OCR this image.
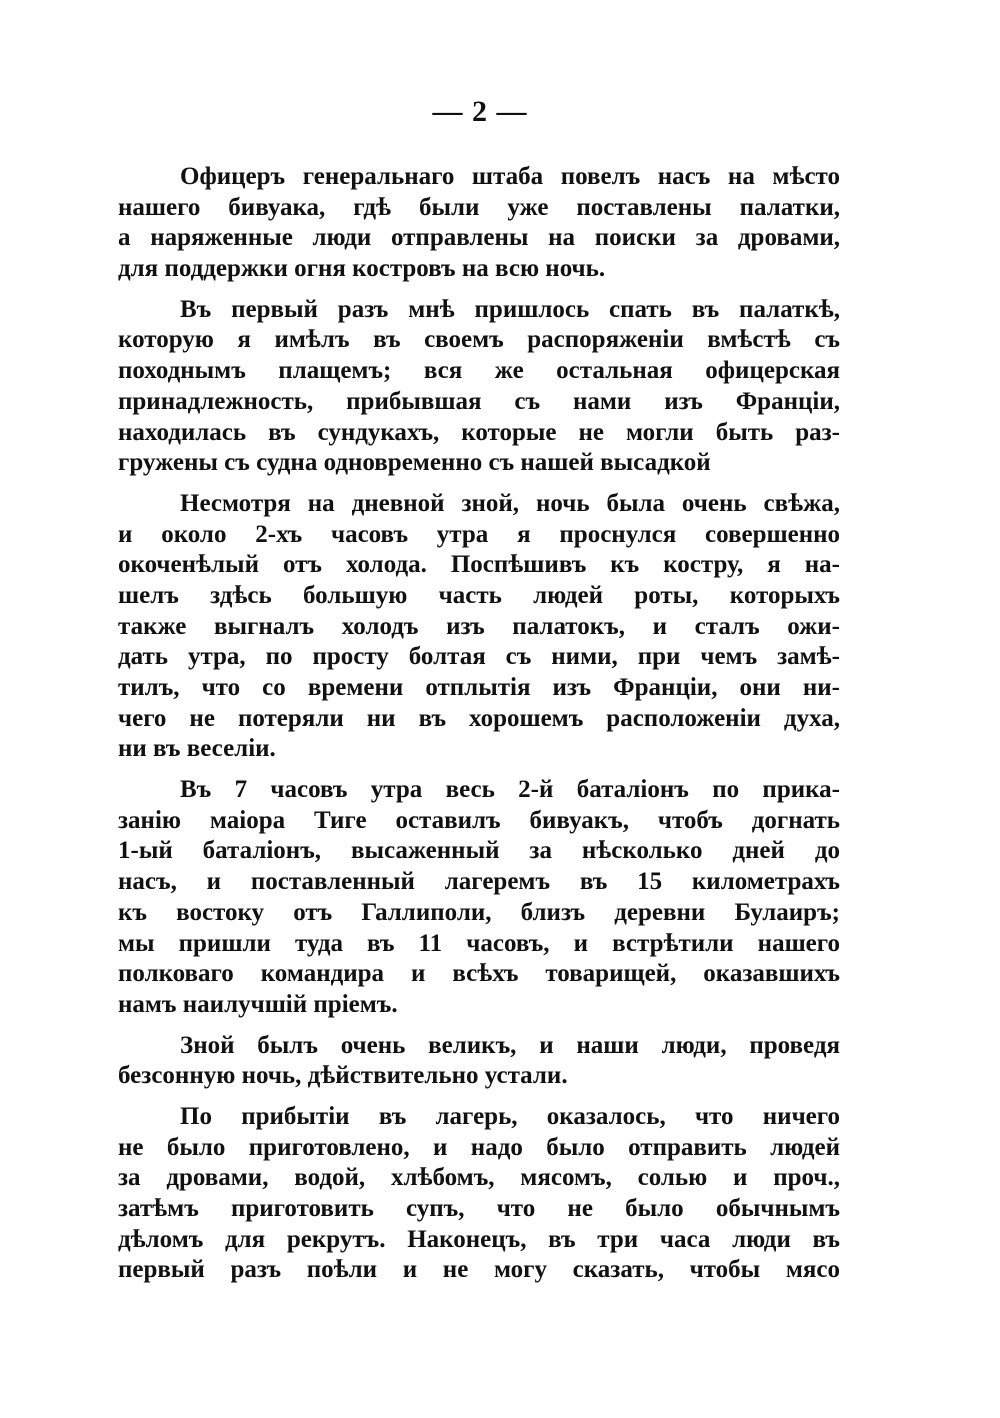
— 2 —
Офицеръ генеральнаго штаба повелъ насъ на мѣсто
нашего бивуака, гдѣ были уже поставлены палатки,
а наряженные люди отправлены на поиски за дровами,
для поддержки огня костровъ на всю ночь.
Въ первый разъ мнѣ пришлось спать въ палаткѣ,
которую я имѣлъ въ своемъ распоряженіи вмѣстѣ съ
походнымъ плащемъ; вся же остальная офицерская
принадлежность, прибывшая съ нами изъ Франціи,
находилась въ сундукахъ, которые не могли быть раз-
гружены съ судна одновременно съ нашей высадкой
Несмотря на дневной зной, ночь была очень свѣжа,
и около 2-хъ часовъ утра я проснулся совершенно
окоченѣлый отъ холода. Поспѣшивъ къ костру, я на-
шелъ здѣсь большую часть людей роты, которыхъ
также выгналъ холодъ изъ палатокъ, и сталъ ожи-
дать утра, по просту болтая съ ними, при чемъ замѣ-
тилъ, что со времени отплытія изъ Франціи, они ни-
чего не потеряли ни въ хорошемъ расположеніи духа,
ни въ веселіи.
Въ 7 часовъ утра весь 2-й баталіонъ по прика-
занію маіора Тиге оставилъ бивуакъ, чтобъ догнать
1-ый баталіонъ, высаженный за нѣсколько дней до
насъ, и поставленный лагеремъ въ 15 километрахъ
къ востоку отъ Галлиполи, близъ деревни Булаиръ;
мы пришли туда въ 11 часовъ, и встрѣтили нашего
полковаго командира и всѣхъ товарищей, оказавшихъ
намъ наилучшій пріемъ.
Зной былъ очень великъ, и наши люди, проведя
безсонную ночь, дѣйствительно устали.
По прибытіи въ лагерь, оказалось, что ничего
не было приготовлено, и надо было отправить людей
за дровами, водой, хлѣбомъ, мясомъ, солью и проч.,
затѣмъ приготовить супъ, что не было обычнымъ
дѣломъ для рекрутъ. Наконецъ, въ три часа люди въ
первый разъ поѣли и не могу сказать, чтобы мясо
